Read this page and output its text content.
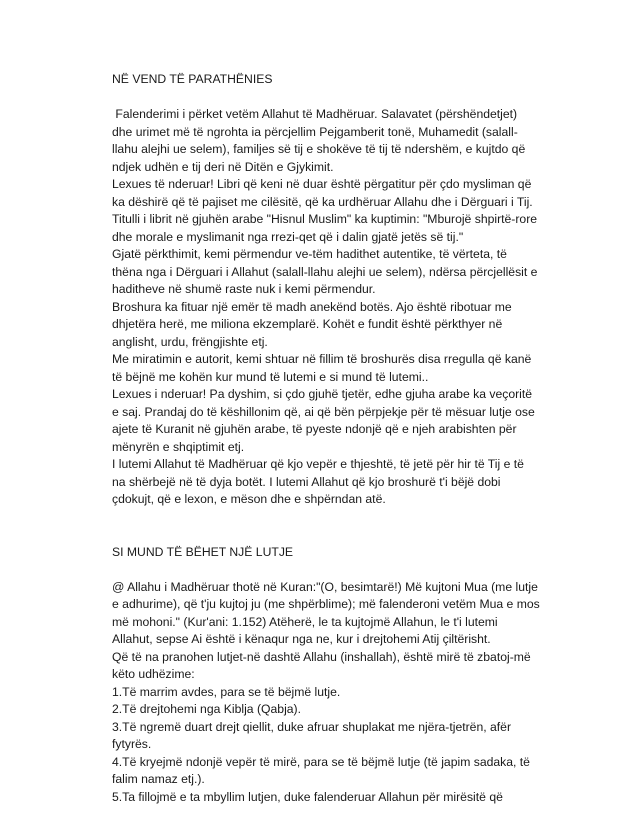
NË VEND TË PARATHËNIES
Falenderimi i përket vetëm Allahut të Madhëruar. Salavatet (përshëndetjet) dhe urimet më të ngrohta ia përcjellim Pejgamberit tonë, Muhamedit (salall-llahu alejhi ue selem), familjes së tij e shokëve të tij të ndershëm, e kujtdo që ndjek udhën e tij deri në Ditën e Gjykimit.
Lexues të nderuar! Libri që keni në duar është përgatitur për çdo mysliman që ka dëshirë që të pajiset me cilësitë, që ka urdhëruar Allahu dhe i Dërguari i Tij. Titulli i librit në gjuhën arabe "Hisnul Muslim" ka kuptimin: "Mburojë shpirtë-rore dhe morale e myslimanit nga rrezi-qet që i dalin gjatë jetës së tij."
Gjatë përkthimit, kemi përmendur ve-tëm hadithet autentike, të vërteta, të thëna nga i Dërguari i Allahut (salall-llahu alejhi ue selem), ndërsa përcjellësit e haditheve në shumë raste nuk i kemi përmendur.
Broshura ka fituar një emër të madh anekënd botës. Ajo është ribotuar me dhjetëra herë, me miliona ekzemplarë. Kohët e fundit është përkthyer në anglisht, urdu, frëngjishte etj.
Me miratimin e autorit, kemi shtuar në fillim të broshurës disa rregulla që kanë të bëjnë me kohën kur mund të lutemi e si mund të lutemi..
Lexues i nderuar! Pa dyshim, si çdo gjuhë tjetër, edhe gjuha arabe ka veçoritë e saj. Prandaj do të këshillonim që, ai që bën përpjekje për të mësuar lutje ose ajete të Kuranit në gjuhën arabe, të pyeste ndonjë që e njeh arabishten për mënyrën e shqiptimit etj.
I lutemi Allahut të Madhëruar që kjo vepër e thjeshtë, të jetë për hir të Tij e të na shërbejë në të dyja botët. I lutemi Allahut që kjo broshurë t'i bëjë dobi çdokujt, që e lexon, e mëson dhe e shpërndan atë.
SI MUND TË BËHET NJË LUTJE
@ Allahu i Madhëruar thotë në Kuran:"(O, besimtarë!) Më kujtoni Mua (me lutje e adhurime), që t'ju kujtoj ju (me shpërblime); më falenderoni vetëm Mua e mos më mohoni." (Kur'ani: 1.152) Atëherë, le ta kujtojmë Allahun, le t'i lutemi Allahut, sepse Ai është i kënaqur nga ne, kur i drejtohemi Atij çiltërisht.
Që të na pranohen lutjet-në dashtë Allahu (inshallah), është mirë të zbatoj-më këto udhëzime:
1.Të marrim avdes, para se të bëjmë lutje.
2.Të drejtohemi nga Kiblja (Qabja).
3.Të ngremë duart drejt qiellit, duke afruar shuplakat me njëra-tjetrën, afër fytyrës.
4.Të kryejmë ndonjë vepër të mirë, para se të bëjmë lutje (të japim sadaka, të falim namaz etj.).
5.Ta fillojmë e ta mbyllim lutjen, duke falenderuar Allahun për mirësitë që
